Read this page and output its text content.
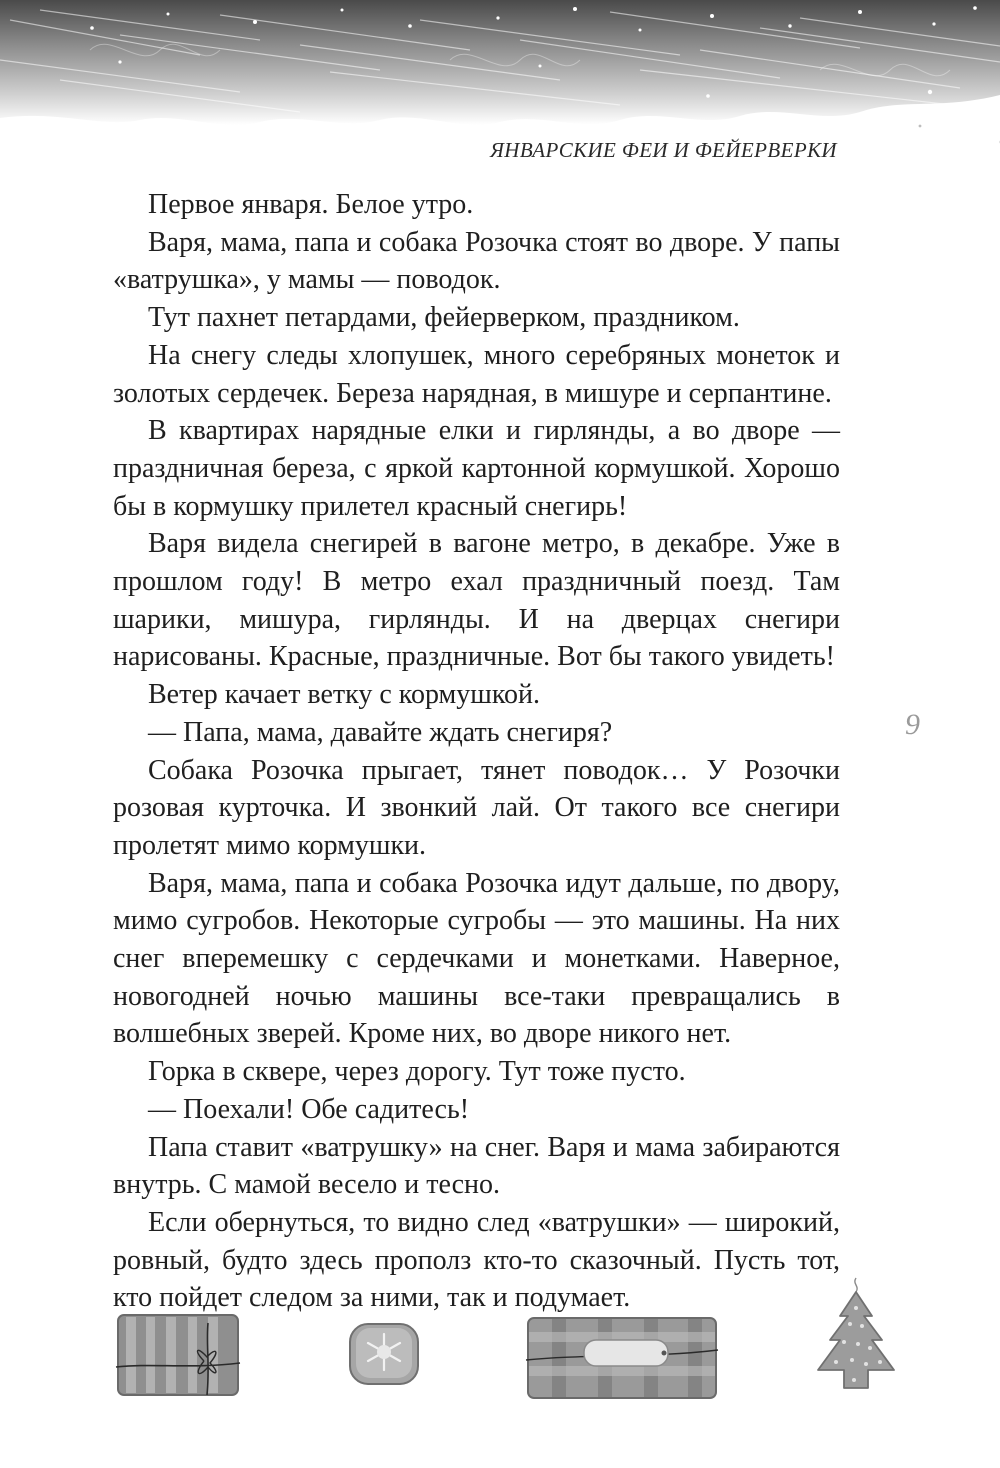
ЯНВАРСКИЕ ФЕИ И ФЕЙЕРВЕРКИ

Первое января. Белое утро.

Варя, мама, папа и собака Розочка стоят во дворе. У папы «ватрушка», у мамы — поводок.

Тут пахнет петардами, фейерверком, праздником.

На снегу следы хлопушек, много серебряных монеток и золотых сердечек. Береза нарядная, в мишуре и серпантине.

В квартирах нарядные елки и гирлянды, а во дворе — праздничная береза, с яркой картонной кормушкой. Хорошо бы в кормушку прилетел красный снегирь!

Варя видела снегирей в вагоне метро, в декабре. Уже в прошлом году! В метро ехал праздничный поезд. Там шарики, мишура, гирлянды. И на дверцах снегири нарисованы. Красные, праздничные. Вот бы такого увидеть!

Ветер качает ветку с кормушкой.

— Папа, мама, давайте ждать снегиря?

Собака Розочка прыгает, тянет поводок… У Розочки розовая курточка. И звонкий лай. От такого все снегири пролетят мимо кормушки.

Варя, мама, папа и собака Розочка идут дальше, по двору, мимо сугробов. Некоторые сугробы — это машины. На них снег вперемешку с сердечками и монетками. Наверное, новогодней ночью машины все-таки превращались в волшебных зверей. Кроме них, во дворе никого нет.

Горка в сквере, через дорогу. Тут тоже пусто.

— Поехали! Обе садитесь!

Папа ставит «ватрушку» на снег. Варя и мама забираются внутрь. С мамой весело и тесно.

Если обернуться, то видно след «ватрушки» — широкий, ровный, будто здесь прополз кто-то сказочный. Пусть тот, кто пойдет следом за ними, так и подумает.

9
